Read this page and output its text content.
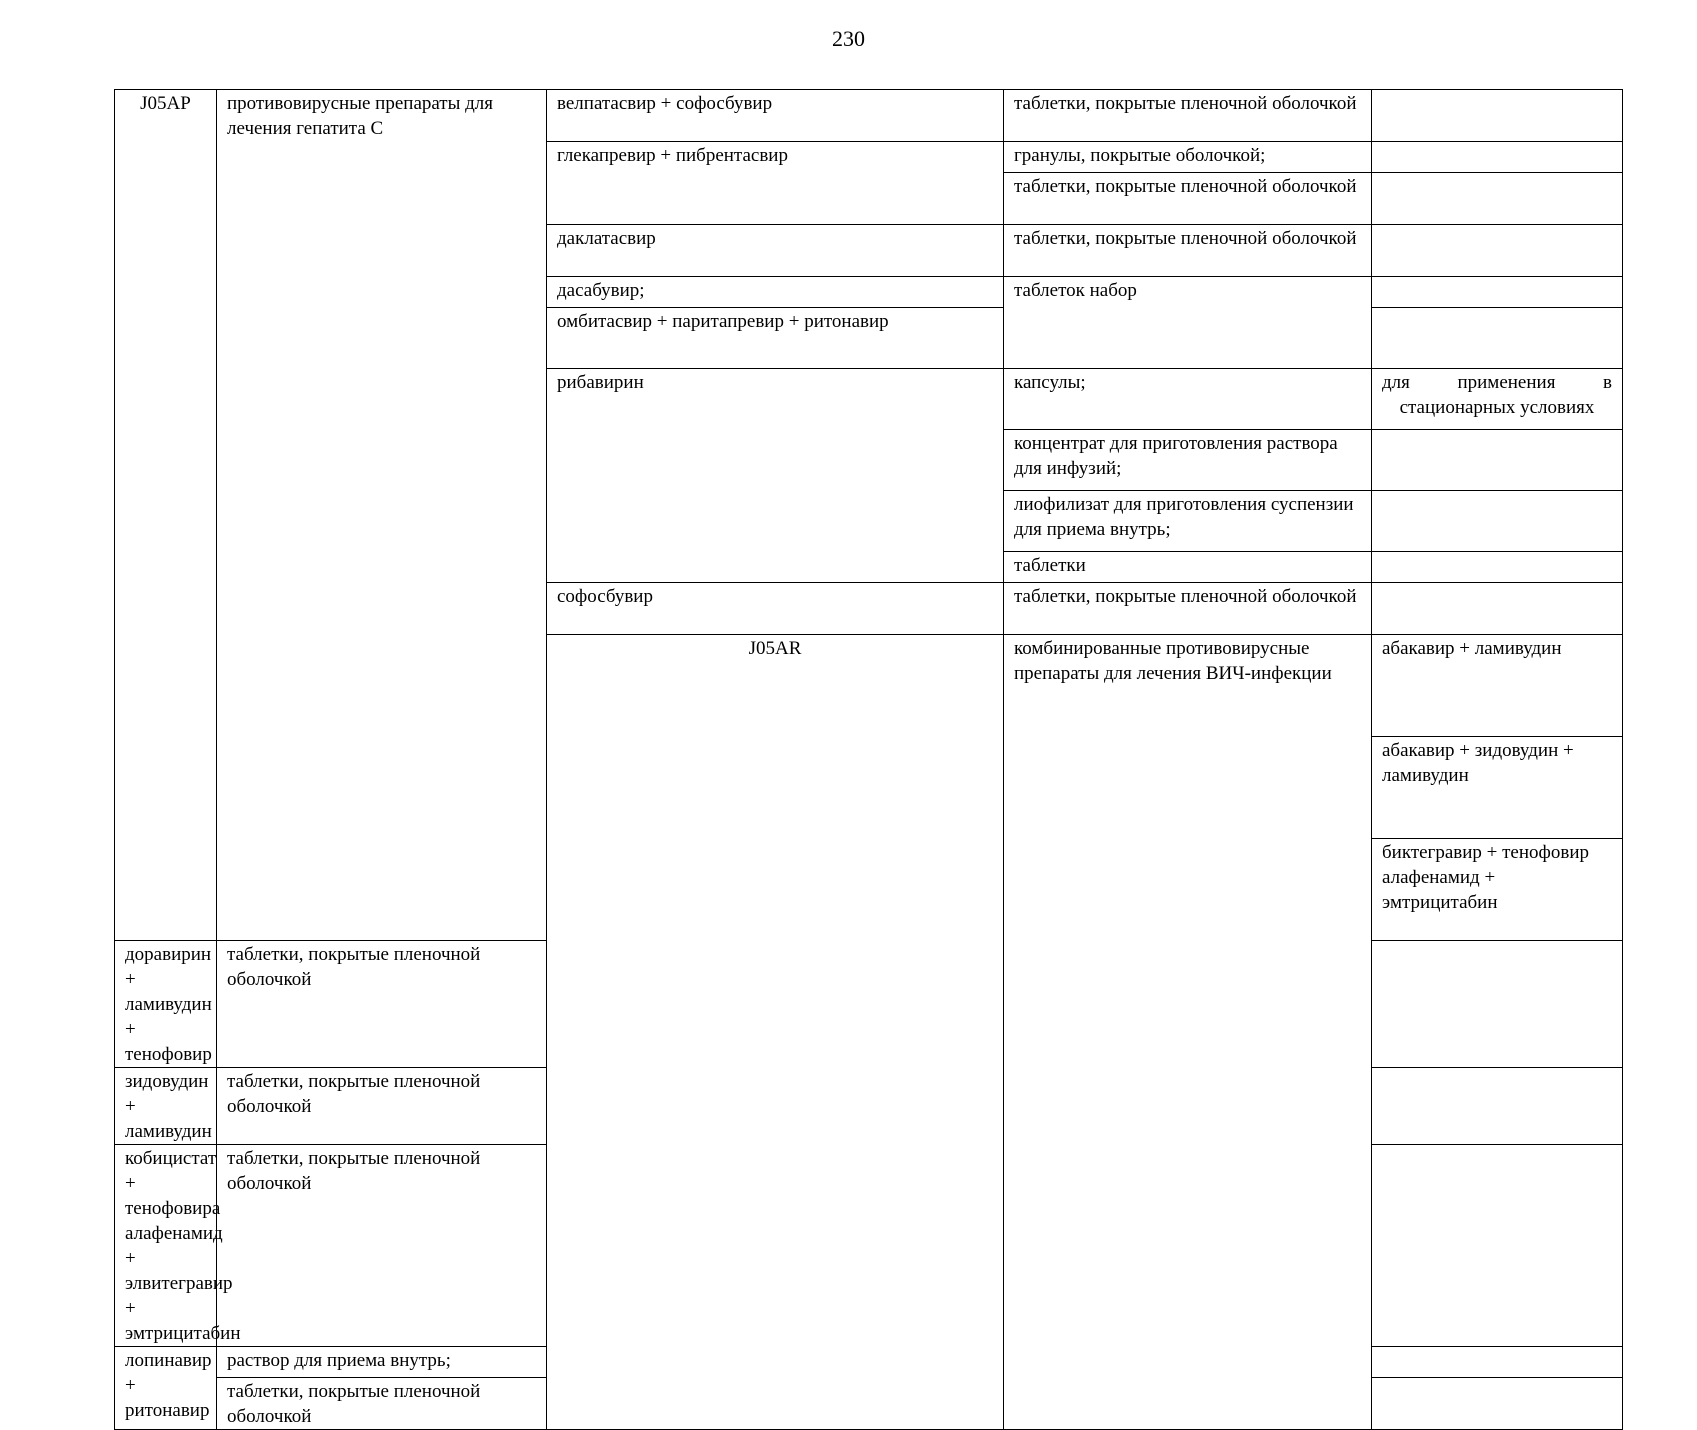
230
J05AP	противовирусные препараты для лечения гепатита С	велпатасвир + софосбувир	таблетки, покрытые пленочной оболочкой		
		глекапревир + пибрентасвир	гранулы, покрытые оболочкой;		
			таблетки, покрытые пленочной оболочкой		
		даклатасвир	таблетки, покрытые пленочной оболочкой		
		дасабувир;	таблеток набор		
		омбитасвир + паритапревир + ритонавир			
		рибавирин	капсулы;	для применения в стационарных условиях	
			концентрат для приготовления раствора для инфузий;		
			лиофилизат для приготовления суспензии для приема внутрь;		
			таблетки		
		софосбувир	таблетки, покрытые пленочной оболочкой		
		J05AR	комбинированные противовирусные препараты для лечения ВИЧ-инфекции	абакавир + ламивудин		
				абакавир + зидовудин + ламивудин		
				биктегравир + тенофовир алафенамид + эмтрицитабин		
доравирин + ламивудин + тенофовир	таблетки, покрытые пленочной оболочкой				
зидовудин + ламивудин	таблетки, покрытые пленочной оболочкой				
кобицистат + тенофовира алафенамид + элвитегравир + эмтрицитабин	таблетки, покрытые пленочной оболочкой				
лопинавир + ритонавир	раствор для приема внутрь;				
	таблетки, покрытые пленочной оболочкой				
